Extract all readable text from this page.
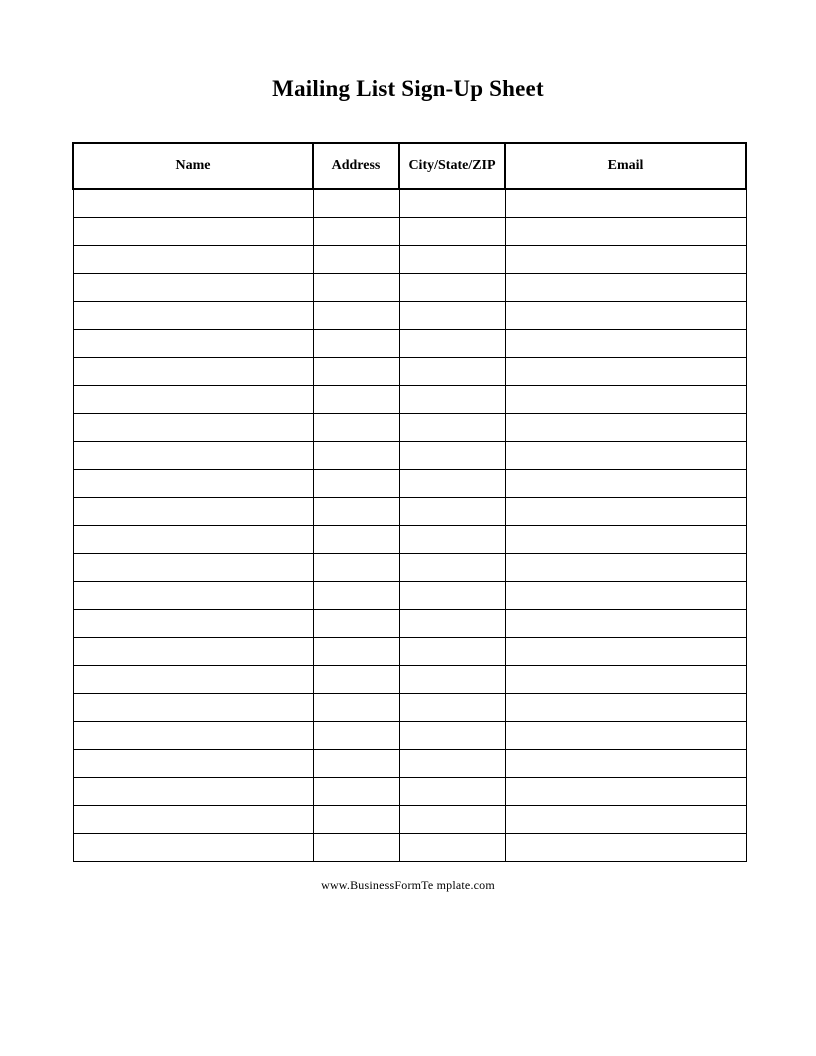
Mailing List Sign-Up Sheet
Name	Address	City/State/ZIP	Email

www.BusinessFormTe mplate.com
